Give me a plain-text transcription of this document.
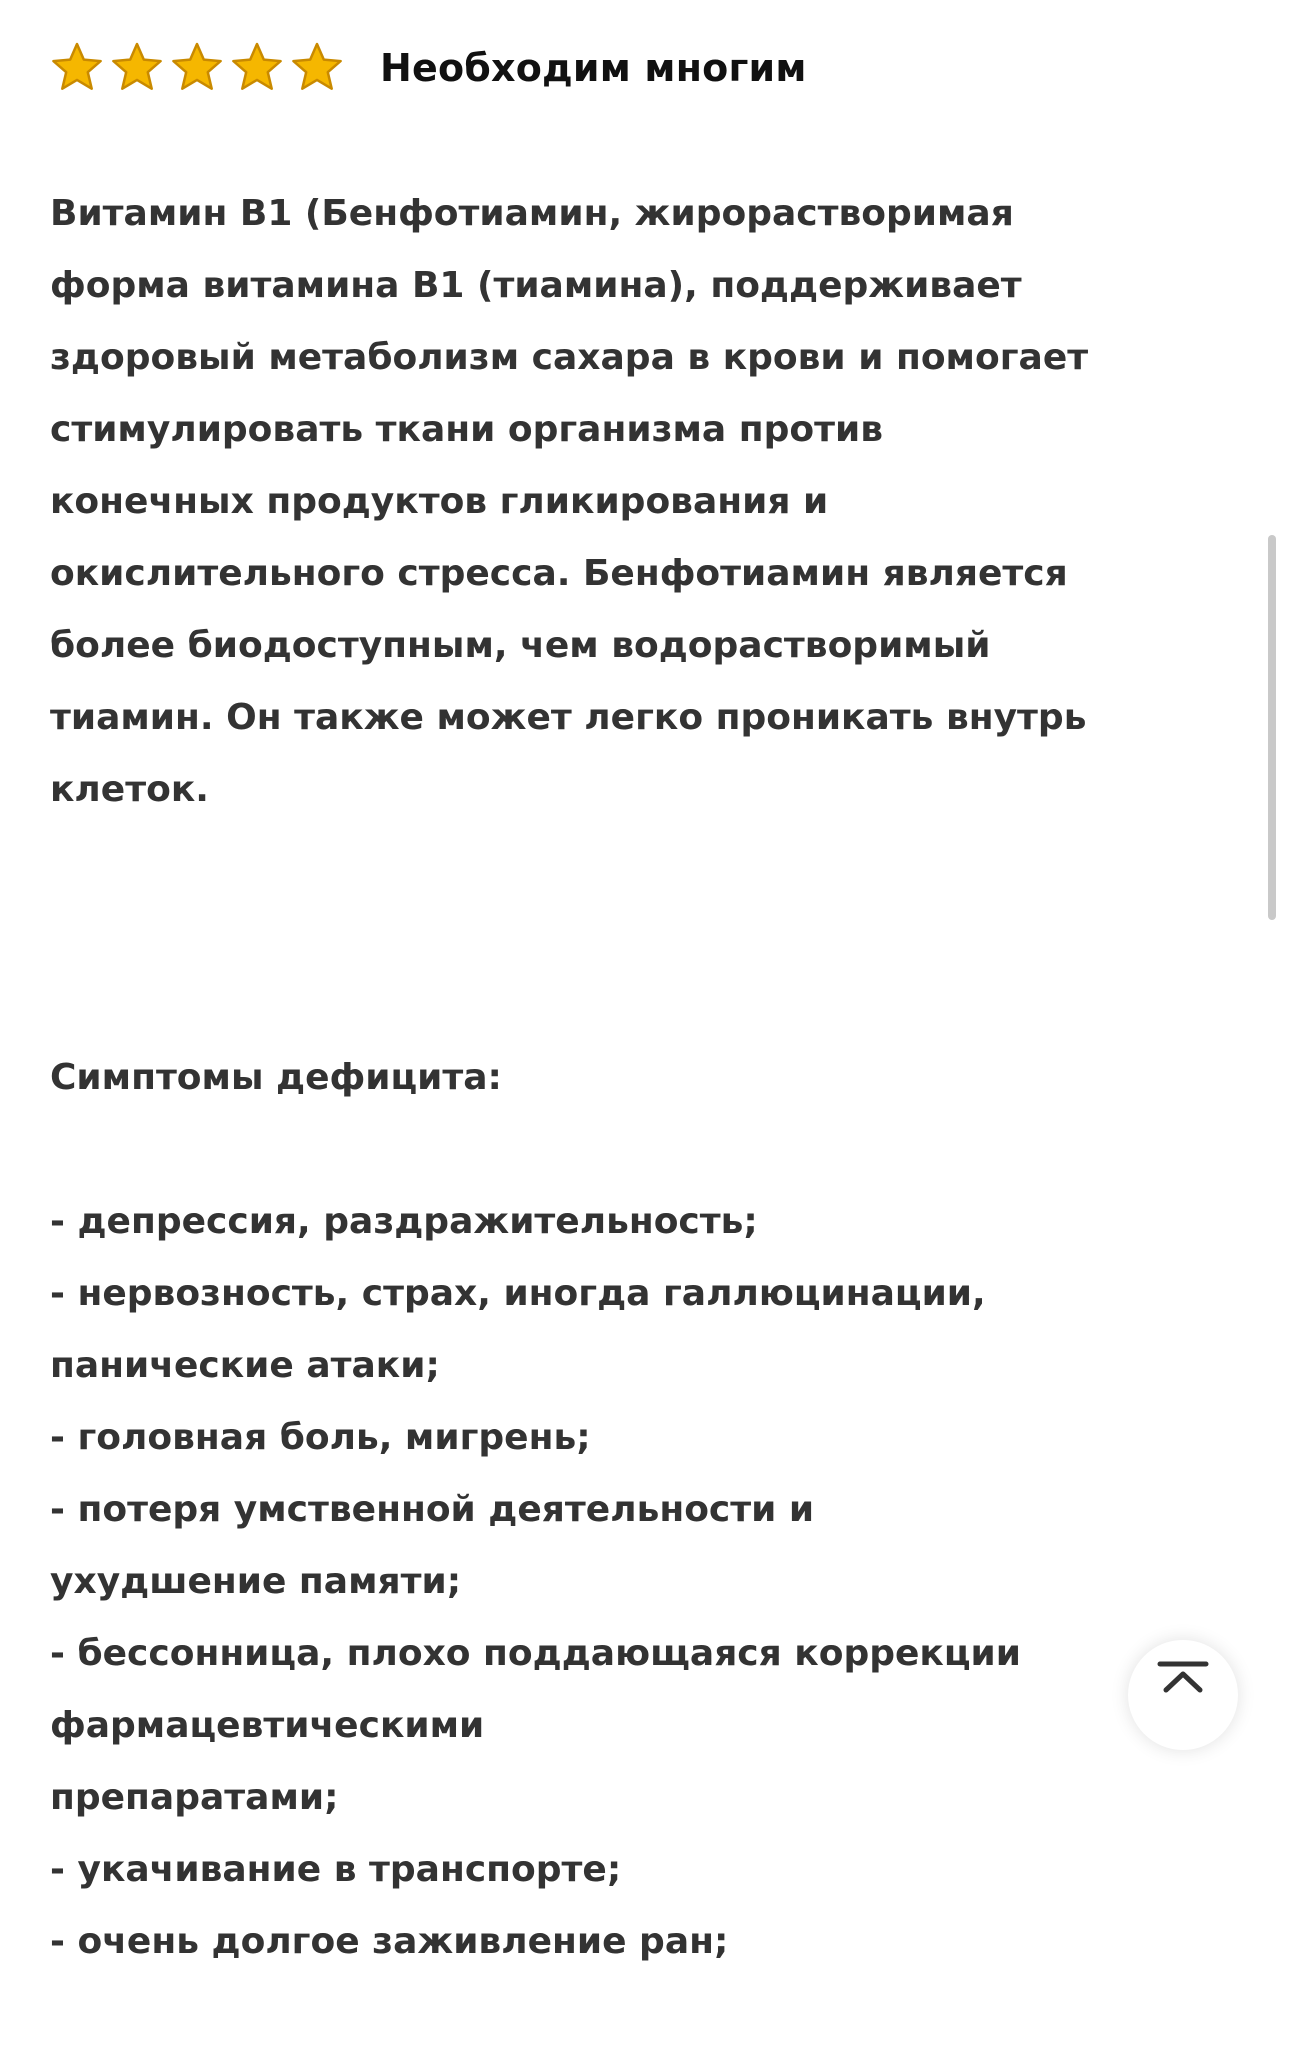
Необходим многим

Витамин В1 (Бенфотиамин, жирорастворимая
форма витамина В1 (тиамина), поддерживает
здоровый метаболизм сахара в крови и помогает
стимулировать ткани организма против
конечных продуктов гликирования и
окислительного стресса. Бенфотиамин является
более биодоступным, чем водорастворимый
тиамин. Он также может легко проникать внутрь
клеток.

Симптомы дефицита:

- депрессия, раздражительность;
- нервозность, страх, иногда галлюцинации,
панические атаки;
- головная боль, мигрень;
- потеря умственной деятельности и
ухудшение памяти;
- бессонница, плохо поддающаяся коррекции
фармацевтическими
препаратами;
- укачивание в транспорте;
- очень долгое заживление ран;
